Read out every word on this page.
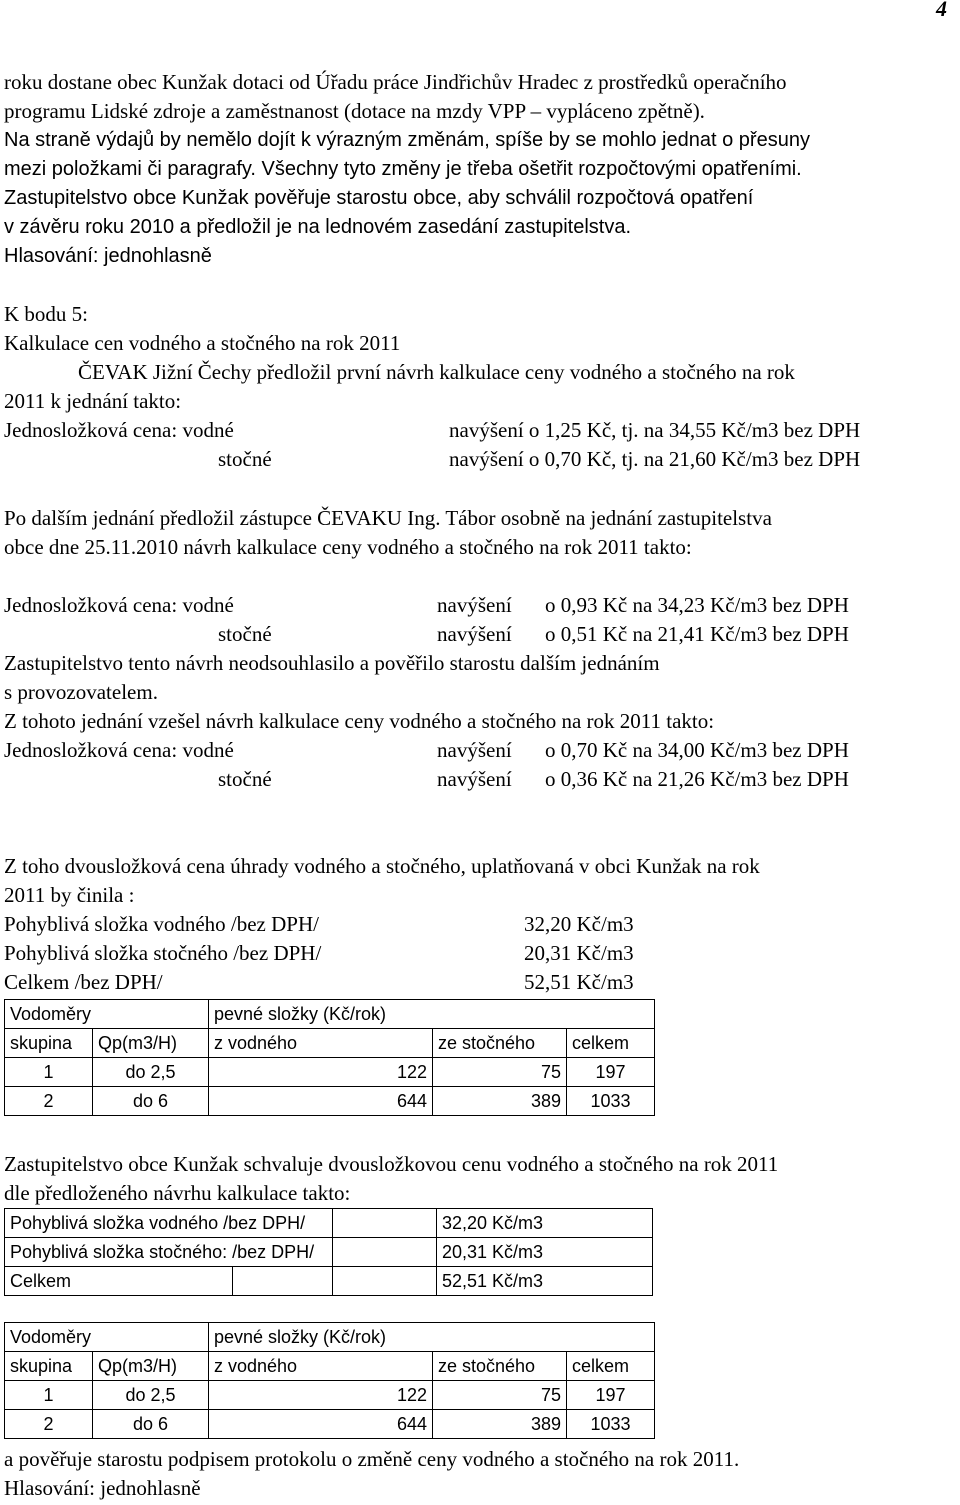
4
roku dostane obec Kunžak dotaci od Úřadu práce Jindřichův Hradec z prostředků operačního
programu Lidské zdroje a zaměstnanost (dotace na mzdy VPP – vypláceno zpětně).
Na straně výdajů by nemělo dojít k výrazným změnám, spíše by se mohlo jednat o přesuny
mezi položkami či paragrafy. Všechny tyto změny je třeba ošetřit rozpočtovými opatřeními.
Zastupitelstvo obce Kunžak pověřuje starostu obce, aby schválil rozpočtová opatření
v závěru roku 2010 a předložil je na lednovém zasedání zastupitelstva.
Hlasování: jednohlasně
K bodu 5:
Kalkulace cen vodného a stočného na rok 2011
ČEVAK Jižní Čechy předložil první návrh kalkulace ceny vodného a stočného na rok
2011 k jednání takto:
Jednosložková cena: vodné	navýšení o 1,25 Kč, tj. na 34,55 Kč/m3 bez DPH
stočné	navýšení o 0,70 Kč, tj. na 21,60 Kč/m3 bez DPH
Po dalším jednání předložil zástupce ČEVAKU Ing. Tábor osobně na jednání zastupitelstva
obce dne 25.11.2010 návrh kalkulace ceny vodného a stočného na rok 2011 takto:
Jednosložková cena: vodné	navýšení o 0,93 Kč na 34,23 Kč/m3 bez DPH
stočné	navýšení o 0,51 Kč na 21,41 Kč/m3 bez DPH
Zastupitelstvo tento návrh neodsouhlasilo a pověřilo starostu dalším jednáním
s provozovatelem.
Z tohoto jednání vzešel návrh kalkulace ceny vodného a stočného na rok 2011 takto:
Jednosložková cena: vodné	navýšení o 0,70 Kč na 34,00 Kč/m3 bez DPH
stočné	navýšení o 0,36 Kč na 21,26 Kč/m3 bez DPH
Z toho dvousložková cena úhrady vodného a stočného, uplatňovaná v obci Kunžak na rok
2011 by činila :
Pohyblivá složka vodného /bez DPH/	32,20 Kč/m3
Pohyblivá složka stočného /bez DPH/	20,31 Kč/m3
Celkem /bez DPH/	52,51 Kč/m3
Vodoměry		pevné složky (Kč/rok)		
skupina	Qp(m3/H)	z vodného	ze stočného	celkem
1	do 2,5	122	75	197
2	do 6	644	389	1033
Zastupitelstvo obce Kunžak schvaluje dvousložkovou cenu vodného a stočného na rok 2011
dle předloženého návrhu kalkulace takto:
Pohyblivá složka vodného /bez DPH/			32,20 Kč/m3
Pohyblivá složka stočného: /bez DPH/			20,31 Kč/m3
Celkem			52,51 Kč/m3
Vodoměry		pevné složky (Kč/rok)		
skupina	Qp(m3/H)	z vodného	ze stočného	celkem
1	do 2,5	122	75	197
2	do 6	644	389	1033
a pověřuje starostu podpisem protokolu o změně ceny vodného a stočného na rok 2011.
Hlasování: jednohlasně
